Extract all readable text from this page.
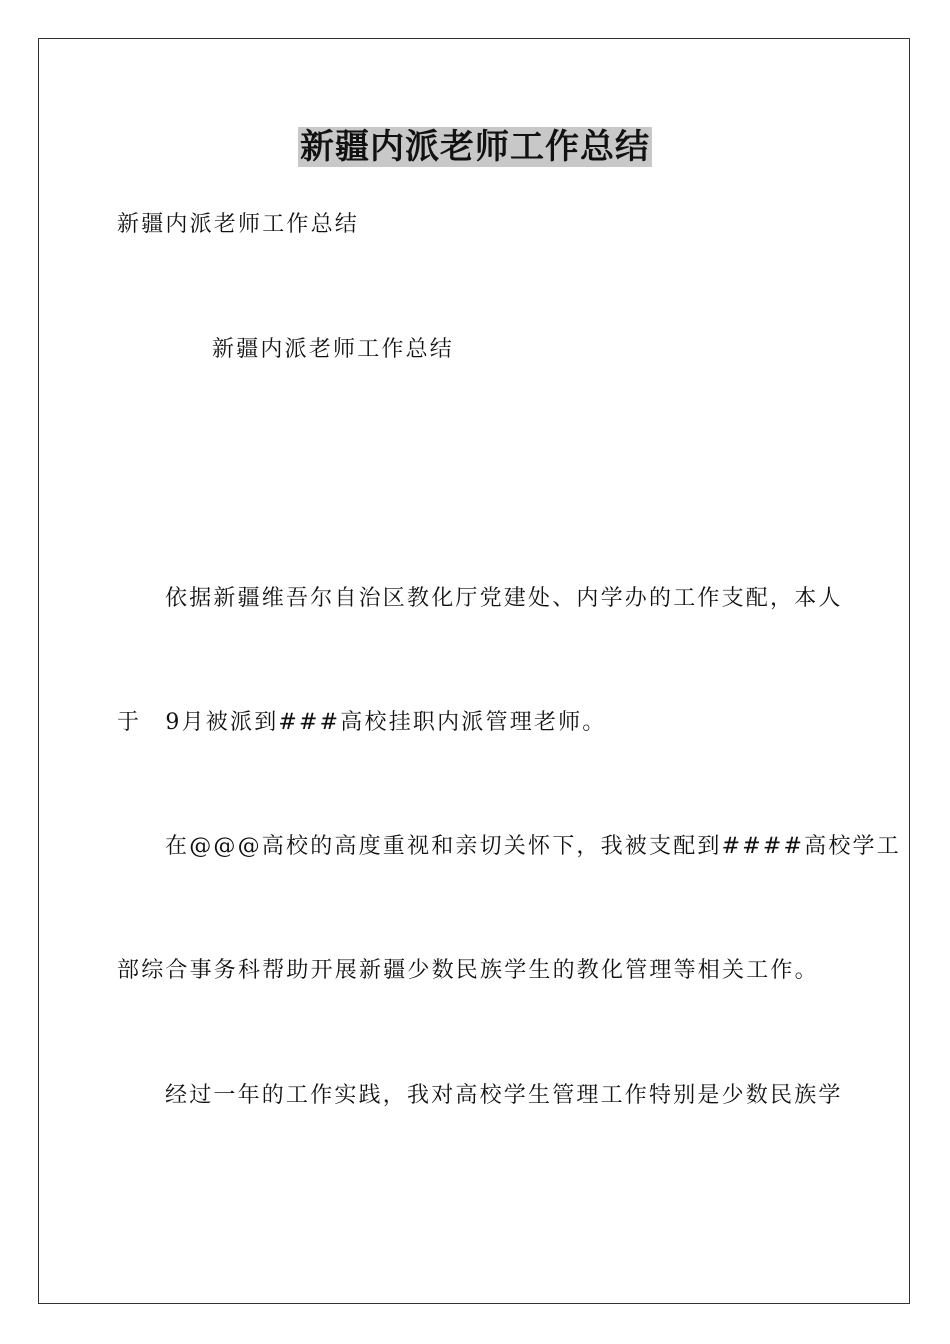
新疆内派老师工作总结
新疆内派老师工作总结
新疆内派老师工作总结
依据新疆维吾尔自治区教化厅党建处、内学办的工作支配，本人
于　9月被派到###高校挂职内派管理老师。
在@@@高校的高度重视和亲切关怀下，我被支配到####高校学工
部综合事务科帮助开展新疆少数民族学生的教化管理等相关工作。
经过一年的工作实践，我对高校学生管理工作特别是少数民族学
